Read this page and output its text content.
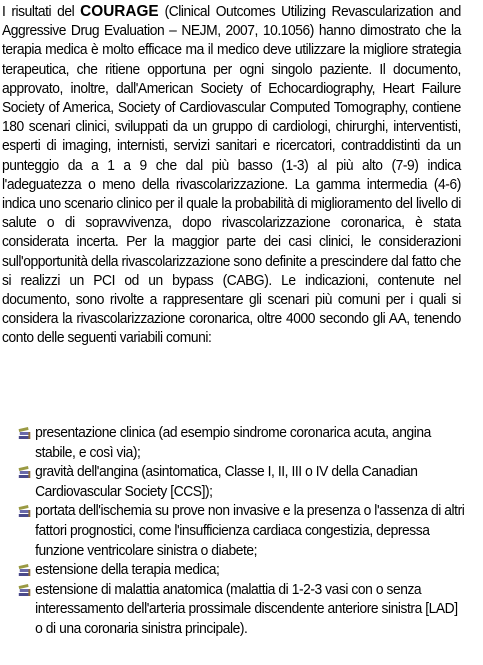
I risultati del COURAGE (Clinical Outcomes Utilizing Revascularization and Aggressive Drug Evaluation – NEJM, 2007, 10.1056) hanno dimostrato che la terapia medica è molto efficace ma il medico deve utilizzare la migliore strategia terapeutica, che ritiene opportuna per ogni singolo paziente. Il documento, approvato, inoltre, dall'American Society of Echocardiography, Heart Failure Society of America, Society of Cardiovascular Computed Tomography, contiene 180 scenari clinici, sviluppati da un gruppo di cardiologi, chirurghi, interventisti, esperti di imaging, internisti, servizi sanitari e ricercatori, contraddistinti da un punteggio da a 1 a 9 che dal più basso (1-3) al più alto (7-9) indica l'adeguatezza o meno della rivascolarizzazione. La gamma intermedia (4-6) indica uno scenario clinico per il quale la probabilità di miglioramento del livello di salute o di sopravvivenza, dopo rivascolarizzazione coronarica, è stata considerata incerta. Per la maggior parte dei casi clinici, le considerazioni sull'opportunità della rivascolarizzazione sono definite a prescindere dal fatto che si realizzi un PCI od un bypass (CABG). Le indicazioni, contenute nel documento, sono rivolte a rappresentare gli scenari più comuni per i quali si considera la rivascolarizzazione coronarica, oltre 4000 secondo gli AA, tenendo conto delle seguenti variabili comuni:

presentazione clinica (ad esempio sindrome coronarica acuta, angina stabile, e così via);
gravità dell'angina (asintomatica, Classe I, II, III o IV della Canadian Cardiovascular Society [CCS]);
portata dell'ischemia su prove non invasive e la presenza o l'assenza di altri fattori prognostici, come l'insufficienza cardiaca congestizia, depressa funzione ventricolare sinistra o diabete;
estensione della terapia medica;
estensione di malattia anatomica (malattia di 1-2-3 vasi con o senza interessamento dell'arteria prossimale discendente anteriore sinistra [LAD] o di una coronaria sinistra principale).
